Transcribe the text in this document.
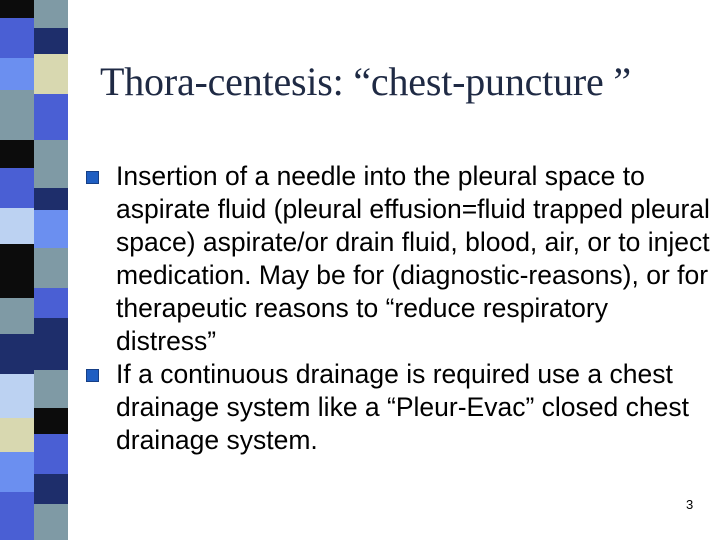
Thora-centesis: “chest-puncture ”
Insertion of a needle into the pleural space to aspirate fluid (pleural effusion=fluid trapped pleural space) aspirate/or drain fluid, blood, air, or to inject medication. May be for (diagnostic-reasons), or for therapeutic reasons to “reduce respiratory distress”
If a continuous drainage is required use a chest drainage system like a “Pleur-Evac” closed chest drainage system.
3
